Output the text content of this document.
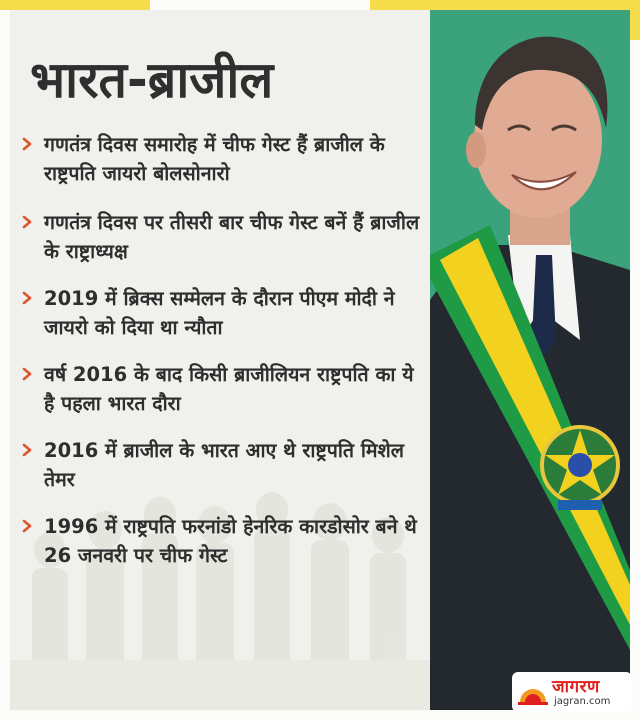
भारत-ब्राजील
गणतंत्र दिवस समारोह में चीफ गेस्ट हैं ब्राजील के राष्ट्रपति जायरो बोलसोनारो
गणतंत्र दिवस पर तीसरी बार चीफ गेस्ट बनें हैं ब्राजील के राष्ट्राध्यक्ष
2019 में ब्रिक्स सम्मेलन के दौरान पीएम मोदी ने जायरो को दिया था न्यौता
वर्ष 2016 के बाद किसी ब्राजीलियन राष्ट्रपति का ये है पहला भारत दौरा
2016 में ब्राजील के भारत आए थे राष्ट्रपति मिशेल तेमर
1996 में राष्ट्रपति फरनांडो हेनरिक कारडोसोर बने थे 26 जनवरी पर चीफ गेस्ट
जागरण
jagran.com
